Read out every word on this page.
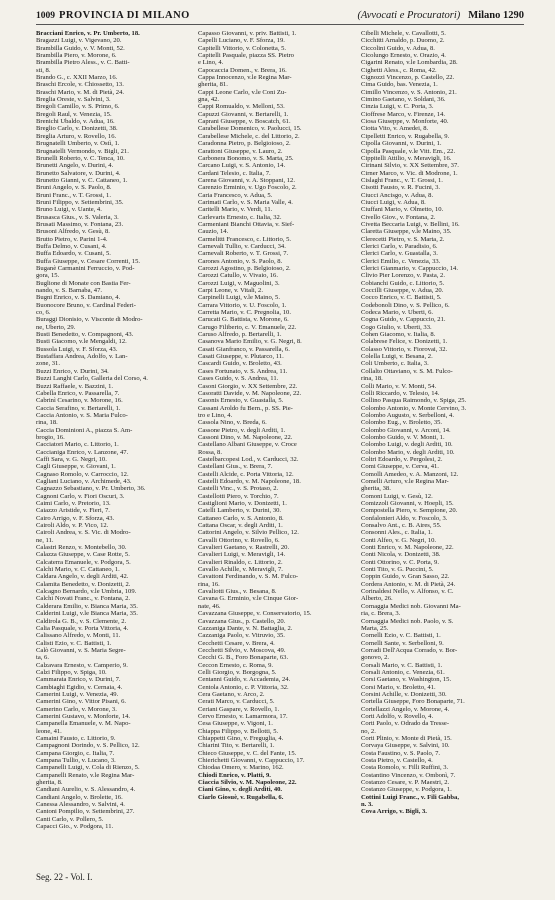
1009 PROVINCIA DI MILANO	(Avvocati e Procuratori) Milano 1290
Bracciani Enrico, v. Pr. Umberto, 18.
Bragazzi Luigi, v. Vigevano, 20.
Brambilla Guido, v. V. Monti, 52.
Brambilla Piero, v. Morone, 6.
Brambilla Pietro Aless., v. C. Batti-
sti, 8.
Brando G., c. XXII Marzo, 16.
Braschi Ercole, v. Chiossetto, 13.
Braschi Mario, v. M. di Pietà, 24.
Breglia Oreste, v. Salvini, 3.
Bregoli Camillo, v. S. Primo, 6.
Bregoli Raul, v. Venezia, 15.
Brenichi Ubaldo, v. Adua, 16.
Breglio Carlo, v. Donizetti, 38.
Breglia Arturo, v. Rovello, 16.
Brugnatelli Umberto, v. Ostì, 1.
Brugnatelli Vermondo, v. Bigli, 21.
Brunelli Roberto, v. C. Tenca, 10.
Brunetti Angelo, v. Durini, 4.
Brunetto Salvatore, v. Durini, 4.
Brunetto Gianni, v. C. Cattaneo, 1.
Bruni Angelo, v. S. Paolo, 8.
Bruni Franc., v. T. Grossi, 1.
Bruni Filippo, v. Settembrini, 35.
Bruno Luigi, v. Uante, 4.
Brusasca Gius., v. S. Valeria, 3.
Brusati Massimo, v. Fontana, 23.
Brusoni Alfredo, v. Gesù, 8.
Brutto Pietro, v. Parini 1-4.
Buffa Delmo, v. Cusani, 4.
Buffa Edoardo, v. Cusani, 5.
Buffa Giuseppe, v. Cesare Correnti, 15.
Buganè Carmanini Ferruccio, v. Pod-
gora, 15.
Buglione di Monate con Bastia Fer-
nando, v. S. Barnaba, 47.
Bugni Enrico, v. S. Damiano, 4.
Buonocore Bruno, v. Cardinal Federi-
co, 6.
Buraggi Dionisio, v. Visconte di Modro-
ne, Uberto, 29.
Busti Benedetto, v. Compagnoni, 43.
Busti Giacomo, v.le Mengaldi, 12.
Bussola Luigi, v. F. Sforza, 43.
Bustaffara Andrea, Adolfo, v. Lan-
zone, 31.
Buzzi Enrico, v. Durini, 34.
Buzzi Langhi Carlo, Galleria del Corso, 4.
Buzzi Raffaele, v. Bazzini, 1.
Cabella Enrico, v. Passarella, 7.
Cabrinì Cesarino, v. Morone, 16.
Caccia Serafino, v. Bertarelli, 1.
Caccia Antonio, v. S. Maria Fulco-
rina, 18.
Caccia Dominioni A., piazza S. Am-
brogio, 16.
Cacciatori Mario, c. Littorio, 1.
Caccianiga Enrico, v. Lanzone, 47.
Caffi Sara, v. G. Negri, 10.
Cagli Giuseppe, v. Giovani, 1.
Cagnaso Romolo, v. Carroccio, 12.
Cagliani Luciano, v. Archimede, 43.
Cagnazzo Sebastiano, v. Pr. Umberto, 36.
Cagnoni Carlo, v. Fiori Oscuri, 3.
Caimi Carlo, v. Pretorio, 13.
Caiazzo Aristide, v. Fieri, 7.
Cairo Arrigo, v. F. Sforza, 43.
Cairoli Aldo, v. P. Vico, 12.
Cairoli Andrea, v. S. Vic. di Modro-
ne, 11.
Calastri Renzo, v. Montebello, 30.
Calazza Giuseppe, v. Case Rotte, 5.
Calcaterra Emanuele, v. Podgora, 5.
Calchi Mario, v. C. Cattaneo, 1.
Caldara Angelo, v. degli Arditi, 42.
Calamita Benedetto, v. Donizetti, 2.
Calcagno Bernardo, v.le Umbria, 109.
Calchi Novati Franc., v. Fontana, 2.
Calderara Emilio, v. Bianca Maria, 35.
Calderini Luigi, v.le Bianca Maria, 35.
Caldirola G. B., v. S. Clemente, 2.
Calia Pasquale, v. Porta Vittoria, 4.
Calissano Alfredo, v. Monti, 11.
Calisti Ezio, v. C. Battisti, 1.
Calò Giovanni, v. S. Maria Segre-
ta, 6.
Calzavara Ernesto, v. Camperio, 9.
Calzi Filippo, v. Spiga, 10.
Cammarata Enrico, v. Durini, 7.
Cambiaghi Egidio, v. Cernaia, 4.
Camerini Luigi, v. Venezia, 49.
Camerini Gino, v. Vittor Pisani, 6.
Camerino Carlo, v. Morone, 3.
Camerini Gustavo, v. Monforte, 14.
Campanella Emanuele, v. M. Napo-
leone, 41.
Camaini Fausto, c. Littorio, 9.
Campagnoni Dorindo, v. S. Pellico, 12.
Campana Giorgio, c. Italia, 7.
Campana Tullio, v. Lucano, 3.
Campanelli Luigi, v. Cola di Rienzo, 5.
Campanelli Renato, v.le Regina Mar-
gherita, 8.
Candiani Aurelio, v. S. Alessandro, 4.
Candiani Angelo, v. Brolette, 16.
Canessa Alessandro, v. Salvini, 4.
Cantoni Pompilio, v. Settembrini, 27.
Canti Carlo, v. Pollero, 5.
Capacci Gio., v. Podgora, 11.
Capasso Giovanni, v. priv. Battisti, 1.
Capelli Luciano, v. F. Sforza, 19.
Capitelli Vittorio, v. Colonetta, 5.
Capitelli Pasquale, piazza SS. Pietro
e Lino, 4.
Capocaccia Domen., v. Brera, 16.
Cappa Innocenzo, v.le Regina Mar-
gherita, 81.
Cappi Leone Carlo, v.le Coni Zu-
gna, 42.
Cappi Romualdo, v. Melloni, 53.
Capuzzi Giovanni, v. Bertarelli, 1.
Caprani Giuseppe, v. Boscatch, 61.
Carabellese Domenico, v. Paolucci, 15.
Carabellese Michele, c. del Littorio, 2.
Caradonna Pietro, p. Belgioioso, 2.
Carattoni Giuseppe, v. Lauro, 2.
Carbonera Bonomo, v. S. Marta, 25.
Carcano Luigi, v. S. Antonio, 14.
Cardani Telesio, c. Italia, 7.
Carena Giovanni, v. A. Stoppani, 12.
Carenzio Erminio, v. Ugo Foscolo, 2.
Caria Francesco, v. Adua, 5.
Carimati Carlo, v. S. Maria Valle, 4.
Caritelli Mario, v. Verdi, 11.
Carlevaris Ernesto, c. Italia, 32.
Carmeniani Bianchi Ottavia, v. Sief-
Cauzio, 14.
Carmelitti Francesco, c. Littorio, 5.
Carnevali Tullio, v. Carducci, 34.
Carnevali Roberto, v. T. Grossi, 7.
Carones Antonio, v. S. Paolo, 8.
Carozzi Agostino, p. Belgioioso, 2.
Carozzi Catullo, v. Vivaio, 16.
Carozzi Luigi, v. Maguolini, 3.
Carpi Leone, v. Vitali, 2.
Carpinelli Luigi, v.le Maino, 5.
Carrara Vittorio, v. U. Foscolo, 1.
Carretta Mario, v. C. Pregnolia, 10.
Carucati G. Battista, v. Morone, 6.
Carugo Filiberto, c. V. Emanuele, 22.
Caruso Alfredo, p. Bertarelli, 1.
Casanova Mario Emilio, v. G. Negri, 8.
Casati Gianfranco, v. Passarella, 6.
Casati Giuseppe, v. Plutarco, 11.
Cascardi Guido, v. Broletto, 43.
Cases Fortunato, v. S. Andrea, 11.
Cases Guido, v. S. Andrea, 11.
Casoni Giorgio, v. XX Settembre, 22.
Casoratti Davide, v. M. Napoleone, 22.
Casonis Ernesto, v. Guastalla, 5.
Cassani Aroldo fu Bern., p. SS. Pie-
tro e Lino, 4.
Cassola Nino, v. Breda, 6.
Cassone Pietro, v. degli Arditi, 1.
Cassoni Dino, v. M. Napoleone, 22.
Castellano Albani Giuseppe, v. Croce
Rossa, 8.
Castelbarcopesi Lod., v. Carducci, 32.
Castellani Gius., v. Brera, 7.
Castelli Alcide, c. Porta Vittoria, 12.
Castelli Edoardo, v. M. Napoleone, 18.
Castelli Vinc., v. S. Protaso, 2.
Castellotti Piero, v. Torchio, 7.
Castiglioni Mario, v. Donizetti, 1.
Catelli Lamberto, v. Durini, 30.
Cattaneo Carlo, v. S. Antonio, 8.
Cattana Oscar, v. degli Arditi, 1.
Cattorini Angelo, v. Silvio Pellico, 12.
Cavalli Ottorino, v. Rovello, 6.
Cavalieri Gaetano, v. Rastrelli, 20.
Cavalieri Luigi, v. Meravigli, 14.
Cavalieri Rinaldo, c. Littorio, 2.
Cavallo Achille, v. Meravigli, 7.
Cavattoni Ferdinando, v. S. M. Fulco-
rina, 16.
Cavaliotti Gius., v. Besana, 8.
Cavana G. Erminio, v.le Cinque Gior-
nate, 46.
Cavazzana Giuseppe, v. Conservatorio, 15.
Cavazzana Gius., p. Castello, 20.
Cazzaniga Dante, v. N. Battaglia, 2.
Cazzaniga Paolo, v. Vitruvio, 35.
Cecchetti Cesare, v. Brera, 4.
Cecchetti Silvio, v. Moscova, 49.
Cecchi G. B., Foro Bonaparte, 63.
Ceccon Ernesto, c. Roma, 9.
Celli Giorgio, v. Borgogna, 5.
Centanni Guido, v. Accademia, 24.
Centola Antonio, c. P. Vittoria, 32.
Cera Gaetano, v. Arco, 2.
Cerati Marco, v. Carducci, 5.
Ceriani Gaspare, v. Rovello, 1.
Cervo Ernesto, v. Lamarmora, 17.
Cesa Giuseppe, v. Vigoni, 1.
Chiappa Filippo, v. Bellotti, 5.
Chiappetti Gino, v. Freguglia, 4.
Chiarini Tito, v. Bertarelli, 1.
Chieco Giuseppe, v. C. del Fante, 15.
Chierichetti Giovanni, v. Cappuccio, 17.
Chiodaa Omero, v. Marino, 162.
Chiodi Enrico, v. Platti, 9.
Ciaccia Silvio, v. M. Napoleone, 22.
Ciani Gino, v. degli Arditi, 40.
Ciarlo Giosuè, v. Rugabella, 6.
Cibelli Michele, v. Cavallotti, 5.
Cicchitti Arnaldo, p. Duomo, 2.
Ciccolini Guido, v. Adua, 8.
Cicolungo Ernesto, v. Orazio, 4.
Cigarini Renato, v.le Lombardia, 28.
Cighetti Aless., c. Roma, 42.
Cignozzi Vincenzo, p. Castello, 22.
Cima Guido, bas. Venezia, 1.
Cimillo Vincenzo, v. S. Antonio, 21.
Cimino Gaetano, v. Soldani, 36.
Cinzia Luigi, v. C. Porta, 3.
Cioffrese Marco, v. Firenze, 14.
Ciosa Giuseppe, v. Monforte, 40.
Ciotta Vito, v. Amedei, 8.
Cipelletti Enrico, v. Rugabella, 9.
Cipolla Giovanni, v. Durini, 1.
Cipolla Pasquale, v.le Vitt. Em., 22.
Cippitelli Attilio, v. Meravigli, 16.
Cirinani Silvio, v. XX Settembre, 37.
Cirner Marco, v. Vic. di Modrone, 1.
Cislaghi Franc., v. T. Grossi, 1.
Cisotti Fausto, v. R. Fucini, 3.
Ciucci Ancisgo, v. Adua, 8.
Ciucci Luigi, v. Adua, 8.
Ciuffani Mario, v. Olmetto, 10.
Civello Giov., v. Fontana, 2.
Civetta Beccaria Luigi, v. Bellini, 16.
Claretta Giuseppe, v.le Maino, 35.
Clerecetti Pietro, v. S. Marta, 2.
Clerici Carlo, v. Paradisio, 6.
Clerici Carlo, v. Guastalla, 3.
Clerici Emilio, c. Venezia, 33.
Clerici Gianmario, v. Cappuccio, 14.
Clivio Pier Lorenzo, v. Pasta, 2.
Cobianchi Guido, c. Littorio, 5.
Coccilli Giuseppe, v. Adua, 20.
Cocco Enrico, v. C. Battisti, 5.
Codebonoli Dino, v. S. Pellico, 6.
Codeca Mario, v. Uberti, 6.
Cogna Guido, v. Cappuccio, 21.
Cogo Giulio, v. Uberti, 33.
Cohen Giacomo, v. Italia, 8.
Colabrese Felice, v. Donizetti, 1.
Colasso Vittorio, v. Fiorovai, 32.
Colella Luigi, v. Besana, 2.
Coli Umberto, c. Italia, 3.
Collalto Ottaviano, v. S. M. Fulco-
rina, 18.
Colli Mario, v. V. Monti, 54.
Colli Riccardo, v. Telesio, 14.
Collino Pasqua Raimondo, v. Spiga, 25.
Colombo Antonio, v. Monte Cervino, 3.
Colombo Augusto, v. Serbelloni, 4.
Colombo Eug., v. Broletto, 35.
Colombo Giovanni, v. Arconi, 14.
Colombo Guido, v. V. Monti, 1.
Colombo Luigi, v. degli Arditi, 10.
Colombo Mario, v. degli Arditi, 10.
Coltri Edoardo, v. Pergolesi, 2.
Comi Giuseppe, v. Cerva, 41.
Comolli Amedeo, v. A. Manzoni, 12.
Comelli Arturo, v.le Regina Mar-
gherita, 38.
Comoni Luigi, v. Gesù, 12.
Comizzoli Giovanni, v. Hoepli, 15.
Compostella Piero, v. Sempione, 20.
Confalonieri Aldo, v. Foscolo, 3.
Consalvo Ant., c. B. Aires, 55.
Consonni Ales., c. Italia, 1.
Conti Alfeo, v. G. Negri, 10.
Conti Enrico, v. M. Napoleone, 22.
Conti Nicola, v. Donizetti, 38.
Conti Ottorino, v. C. Porta, 9.
Conti Tito, v. G. Puccini, 5.
Coppin Guido, v. Gran Sasso, 22.
Cordera Antonio, v. M. di Pietà, 24.
Corinaldesi Nello, v. Alfonso, v. C.
Alberto, 26.
Cornaggia Medici nob. Giovanni Ma-
ria, c. Brera, 3.
Cornaggia Medici nob. Paolo, v. S.
Marta, 25.
Cornelli Ezio, v. C. Battisti, 1.
Cornelli Sante, v. Serbelloni, 9.
Corradi Dell'Acqua Corrado, v. Bor-
gonovo, 2.
Corsali Mario, v. C. Battisti, 1.
Corsali Antonio, c. Venezia, 61.
Corsi Gaetano, v. Washington, 15.
Corsi Mario, v. Broletto, 41.
Corsini Achille, v. Donizetti, 30.
Cortella Giuseppe, Foro Bonaparte, 71.
Cortellazzi Angelo, v. Morone, 4.
Corti Adolfo, v. Rovello, 4.
Corti Paolo, v. Odrado da Tresse-
no, 2.
Corti Plinio, v. Monte di Pietà, 15.
Corvaya Giuseppe, v. Salvini, 10.
Costa Faustino, v. S. Paolo, 7.
Costa Pietro, v. Castello, 4.
Costa Romolo, v. Filli Ruffini, 3.
Costantino Vincenzo, v. Ombonì, 7.
Costanzo Cesare, v. P. Maestri, 2.
Costanzo Giuseppe, v. Podgora, 1.
Cottini Luigi Franc., v. Fili Gabba,
n. 3.
Cova Arrigo, v. Bigli, 3.
Seg. 22 - Vol. I.
